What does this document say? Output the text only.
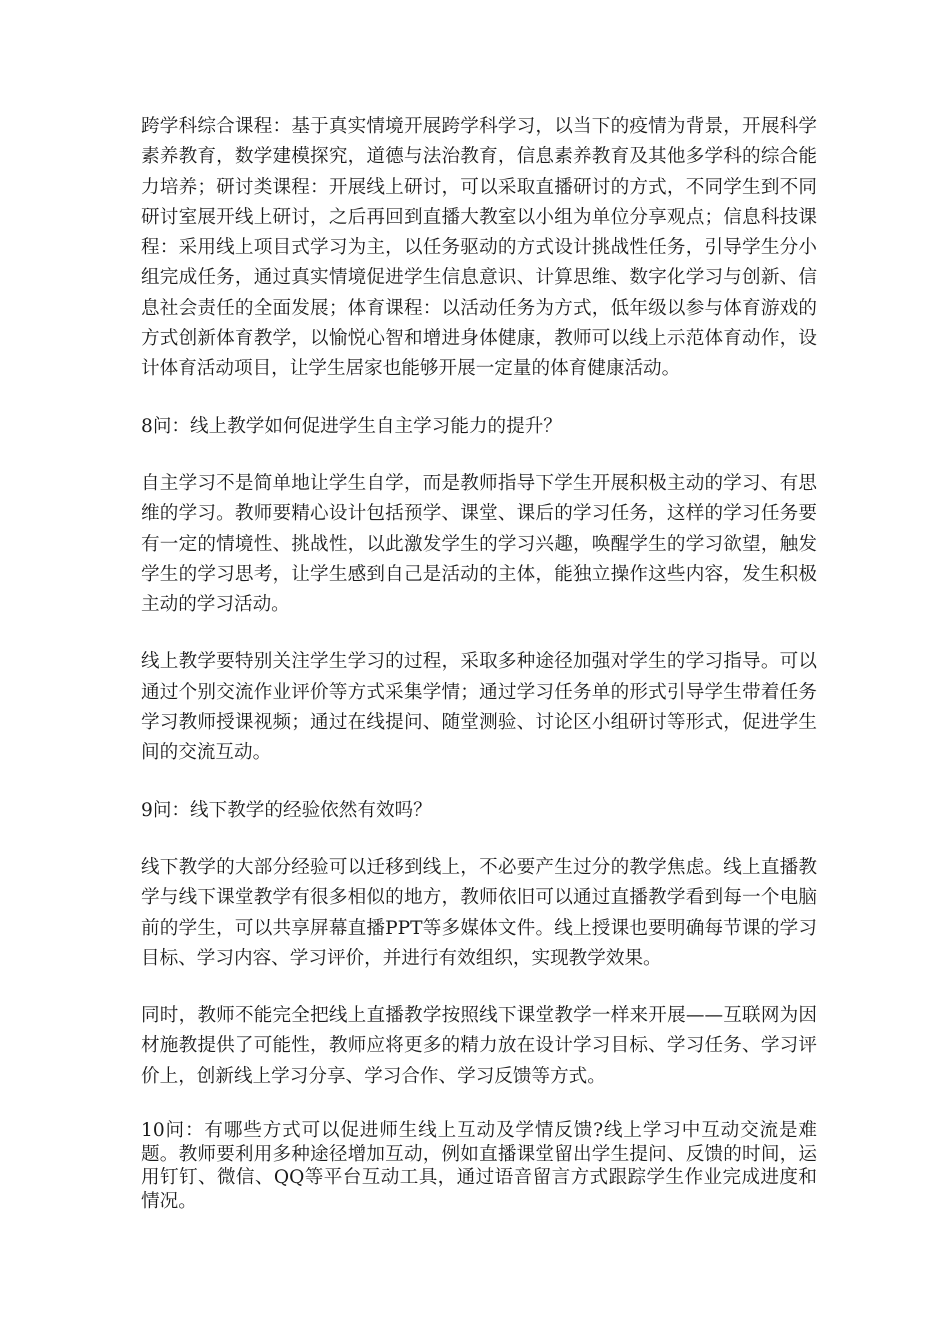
跨学科综合课程：基于真实情境开展跨学科学习，以当下的疫情为背景，开展科学素养教育，数学建模探究，道德与法治教育，信息素养教育及其他多学科的综合能力培养；研讨类课程：开展线上研讨，可以采取直播研讨的方式，不同学生到不同研讨室展开线上研讨，之后再回到直播大教室以小组为单位分享观点；信息科技课程：采用线上项目式学习为主，以任务驱动的方式设计挑战性任务，引导学生分小组完成任务，通过真实情境促进学生信息意识、计算思维、数字化学习与创新、信息社会责任的全面发展；体育课程：以活动任务为方式，低年级以参与体育游戏的方式创新体育教学，以愉悦心智和增进身体健康，教师可以线上示范体育动作，设计体育活动项目，让学生居家也能够开展一定量的体育健康活动。

8问：线上教学如何促进学生自主学习能力的提升？

自主学习不是简单地让学生自学，而是教师指导下学生开展积极主动的学习、有思维的学习。教师要精心设计包括预学、课堂、课后的学习任务，这样的学习任务要有一定的情境性、挑战性，以此激发学生的学习兴趣，唤醒学生的学习欲望，触发学生的学习思考，让学生感到自己是活动的主体，能独立操作这些内容，发生积极主动的学习活动。

线上教学要特别关注学生学习的过程，采取多种途径加强对学生的学习指导。可以通过个别交流作业评价等方式采集学情；通过学习任务单的形式引导学生带着任务学习教师授课视频；通过在线提问、随堂测验、讨论区小组研讨等形式，促进学生间的交流互动。

9问：线下教学的经验依然有效吗？

线下教学的大部分经验可以迁移到线上，不必要产生过分的教学焦虑。线上直播教学与线下课堂教学有很多相似的地方，教师依旧可以通过直播教学看到每一个电脑前的学生，可以共享屏幕直播PPT等多媒体文件。线上授课也要明确每节课的学习目标、学习内容、学习评价，并进行有效组织，实现教学效果。

同时，教师不能完全把线上直播教学按照线下课堂教学一样来开展——互联网为因材施教提供了可能性，教师应将更多的精力放在设计学习目标、学习任务、学习评价上，创新线上学习分享、学习合作、学习反馈等方式。

10问：有哪些方式可以促进师生线上互动及学情反馈?线上学习中互动交流是难题。教师要利用多种途径增加互动，例如直播课堂留出学生提问、反馈的时间，运用钉钉、微信、QQ等平台互动工具，通过语音留言方式跟踪学生作业完成进度和情况。
